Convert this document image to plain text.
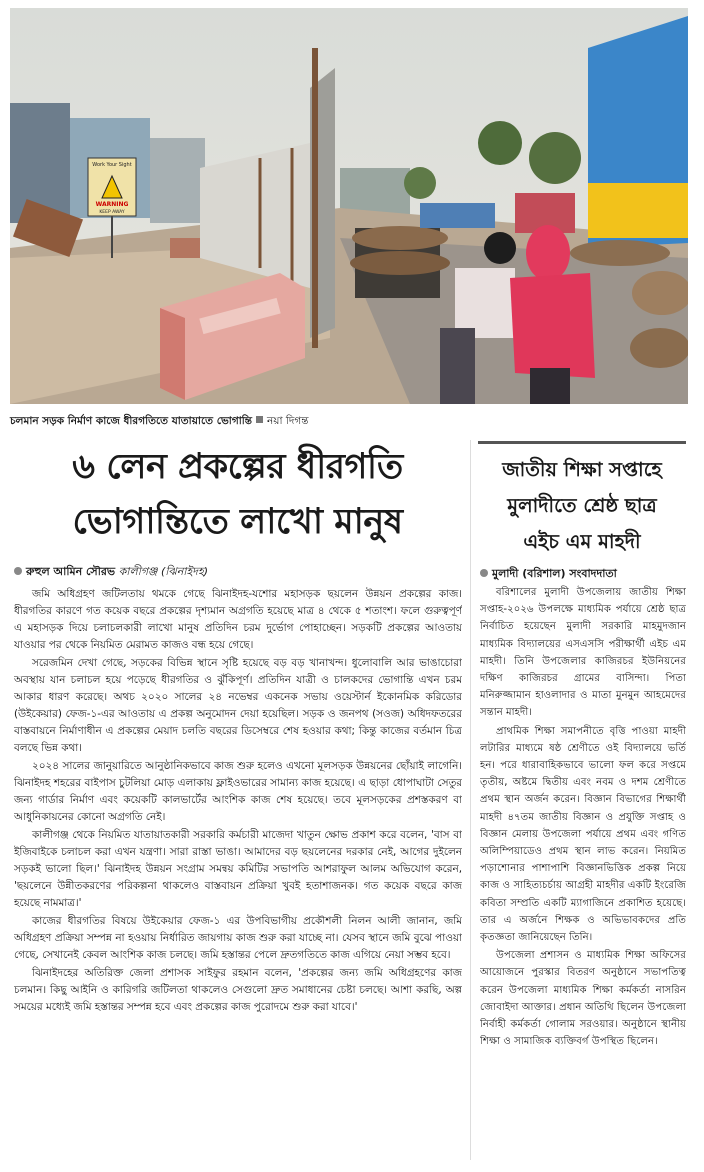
Work Your Sight
WARNING
KEEP AWAY
চলমান সড়ক নির্মাণ কাজে ধীরগতিতে যাতায়াতে ভোগান্তি নয়া দিগন্ত
৬ লেন প্রকল্পের ধীরগতি
ভোগান্তিতে লাখো মানুষ
রুহুল আমিন সৌরভ কালীগঞ্জ (ঝিনাইদহ)

জমি অধিগ্রহণ জটিলতায় থমকে গেছে ঝিনাইদহ-যশোর মহাসড়ক ছয়লেন উন্নয়ন প্রকল্পের কাজ। ধীরগতির কারণে গত কয়েক বছরে প্রকল্পের দৃশ্যমান অগ্রগতি হয়েছে মাত্র ৪ থেকে ৫ শতাংশ। ফলে গুরুত্বপূর্ণ এ মহাসড়ক দিয়ে চলাচলকারী লাখো মানুষ প্রতিদিন চরম দুর্ভোগ পোহাচ্ছেন। সড়কটি প্রকল্পের আওতায় যাওয়ার পর থেকে নিয়মিত মেরামত কাজও বন্ধ হয়ে গেছে।

সরেজমিন দেখা গেছে, সড়কের বিভিন্ন স্থানে সৃষ্টি হয়েছে বড় বড় খানাখন্দ। ধুলোবালি আর ভাঙাচোরা অবস্থায় যান চলাচল হয়ে পড়েছে ধীরগতির ও ঝুঁকিপূর্ণ। প্রতিদিন যাত্রী ও চালকদের ভোগান্তি এখন চরম আকার ধারণ করেছে। অথচ ২০২০ সালের ২৪ নভেম্বর একনেক সভায় ওয়েস্টার্ন ইকোনমিক করিডোর (উইকেয়ার) ফেজ-১-এর আওতায় এ প্রকল্প অনুমোদন দেয়া হয়েছিল। সড়ক ও জনপথ (সওজ) অধিদফতরের বাস্তবায়নে নির্মাণাধীন এ প্রকল্পের মেয়াদ চলতি বছরের ডিসেম্বরে শেষ হওয়ার কথা; কিন্তু কাজের বর্তমান চিত্র বলছে ভিন্ন কথা।

২০২৪ সালের জানুয়ারিতে আনুষ্ঠানিকভাবে কাজ শুরু হলেও এখনো মূলসড়ক উন্নয়নের ছোঁয়াই লাগেনি। ঝিনাইদহ শহরের বাইপাস চুটলিয়া মোড় এলাকায় ফ্লাইওভারের সামান্য কাজ হয়েছে। এ ছাড়া ধোপাঘাটা সেতুর জন্য গার্ডার নির্মাণ এবং কয়েকটি কালভার্টের আংশিক কাজ শেষ হয়েছে। তবে মূলসড়কের প্রশস্তকরণ বা আধুনিকায়নের কোনো অগ্রগতি নেই।

কালীগঞ্জ থেকে নিয়মিত যাতায়াতকারী সরকারি কর্মচারী মাজেদা খাতুন ক্ষোভ প্রকাশ করে বলেন, 'বাস বা ইজিবাইকে চলাচল করা এখন যন্ত্রণা। সারা রাস্তা ভাঙা। আমাদের বড় ছয়লেনের দরকার নেই, আগের দুইলেন সড়কই ভালো ছিল।' ঝিনাইদহ উন্নয়ন সংগ্রাম সমন্বয় কমিটির সভাপতি আশরাফুল আলম অভিযোগ করেন, 'ছয়লেনে উন্নীতকরণের পরিকল্পনা থাকলেও বাস্তবায়ন প্রক্রিয়া খুবই হতাশাজনক। গত কয়েক বছরে কাজ হয়েছে নামমাত্র।'

কাজের ধীরগতির বিষয়ে উইকেয়ার ফেজ-১ এর উপবিভাগীয় প্রকৌশলী নিলন আলী জানান, জমি অধিগ্রহণ প্রক্রিয়া সম্পন্ন না হওয়ায় নির্ধারিত জায়গায় কাজ শুরু করা যাচ্ছে না। যেসব স্থানে জমি বুঝে পাওয়া গেছে, সেখানেই কেবল আংশিক কাজ চলছে। জমি হস্তান্তর পেলে দ্রুতগতিতে কাজ এগিয়ে নেয়া সম্ভব হবে।

ঝিনাইদহের অতিরিক্ত জেলা প্রশাসক সাইফুর রহমান বলেন, 'প্রকল্পের জন্য জমি অধিগ্রহণের কাজ চলমান। কিছু আইনি ও কারিগরি জটিলতা থাকলেও সেগুলো দ্রুত সমাধানের চেষ্টা চলছে। আশা করছি, অল্প সময়ের মধ্যেই জমি হস্তান্তর সম্পন্ন হবে এবং প্রকল্পের কাজ পুরোদমে শুরু করা যাবে।'

জাতীয় শিক্ষা সপ্তাহে
মুলাদীতে শ্রেষ্ঠ ছাত্র
এইচ এম মাহদী
মুলাদী (বরিশাল) সংবাদদাতা

বরিশালের মুলাদী উপজেলায় জাতীয় শিক্ষা সপ্তাহ-২০২৬ উপলক্ষে মাধ্যমিক পর্যায়ে শ্রেষ্ঠ ছাত্র নির্বাচিত হয়েছেন মুলাদী সরকারি মাহমুদজান মাধ্যমিক বিদ্যালয়ের এসএসসি পরীক্ষার্থী এইচ এম মাহদী। তিনি উপজেলার কাজিরচর ইউনিয়নের দক্ষিণ কাজিরচর গ্রামের বাসিন্দা। পিতা মনিরুজ্জামান হাওলাদার ও মাতা মুনমুন আহমেদের সন্তান মাহদী।

প্রাথমিক শিক্ষা সমাপনীতে বৃত্তি পাওয়া মাহদী লটারির মাধ্যমে ষষ্ঠ শ্রেণীতে ওই বিদ্যালয়ে ভর্তি হন। পরে ধারাবাহিকভাবে ভালো ফল করে সপ্তমে তৃতীয়, অষ্টমে দ্বিতীয় এবং নবম ও দশম শ্রেণীতে প্রথম স্থান অর্জন করেন। বিজ্ঞান বিভাগের শিক্ষার্থী মাহদী ৪৭তম জাতীয় বিজ্ঞান ও প্রযুক্তি সপ্তাহ ও বিজ্ঞান মেলায় উপজেলা পর্যায়ে প্রথম এবং গণিত অলিম্পিয়াডেও প্রথম স্থান লাভ করেন। নিয়মিত পড়াশোনার পাশাপাশি বিজ্ঞানভিত্তিক প্রকল্প নিয়ে কাজ ও সাহিত্যচর্চায় আগ্রহী মাহদীর একটি ইংরেজি কবিতা সম্প্রতি একটি ম্যাগাজিনে প্রকাশিত হয়েছে। তার এ অর্জনে শিক্ষক ও অভিভাবকদের প্রতি কৃতজ্ঞতা জানিয়েছেন তিনি।

উপজেলা প্রশাসন ও মাধ্যমিক শিক্ষা অফিসের আয়োজনে পুরস্কার বিতরণ অনুষ্ঠানে সভাপতিত্ব করেন উপজেলা মাধ্যমিক শিক্ষা কর্মকর্তা নাসরিন জোবাইদা আক্তার। প্রধান অতিথি ছিলেন উপজেলা নির্বাহী কর্মকর্তা গোলাম সরওয়ার। অনুষ্ঠানে স্থানীয় শিক্ষা ও সামাজিক ব্যক্তিবর্গ উপস্থিত ছিলেন।
